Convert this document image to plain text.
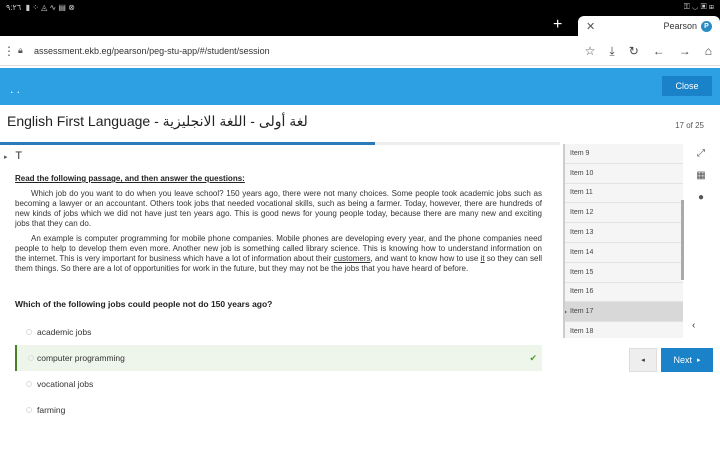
؜ ٩:٢٦ ▮ ⁘ ◬ ∿ ▤ ⊗	⚿ ◡ ▣ ⊞
+ ✕	Pearson	P
⋮ 🔒︎	assessment.ekb.eg/pearson/peg-stu-app/#/student/session	☆ ⤓ ↻ ← → ⌂
. .	Close
English First Language - لغة أولى - اللغة الانجليزية	17 of 25
▸ T
Read the following passage, and then answer the questions:

Which job do you want to do when you leave school? 150 years ago, there were not many choices. Some people took academic jobs such as becoming a lawyer or an accountant. Others took jobs that needed vocational skills, such as being a farmer. Today, however, there are hundreds of new kinds of jobs which we did not have just ten years ago. This is good news for young people today, because there are many new and exciting jobs that they can do.

An example is computer programming for mobile phone companies. Mobile phones are developing every year, and the phone companies need people to help to develop them even more. Another new job is something called library science. This is knowing how to understand information on the internet. This is very important for business which have a lot of information about their customers, and want to know how to use it so they can sell them things. So there are a lot of opportunities for work in the future, but they may not be the jobs that you have heard of before.

Which of the following jobs could people not do 150 years ago?
academic jobs
computer programming	✔
vocational jobs
farming
Item 9
Item 10
Item 11
Item 12
Item 13
Item 14
Item 15
Item 16
Item 17
Item 18
⤢
▦
●
‹
◂	Next ▸
